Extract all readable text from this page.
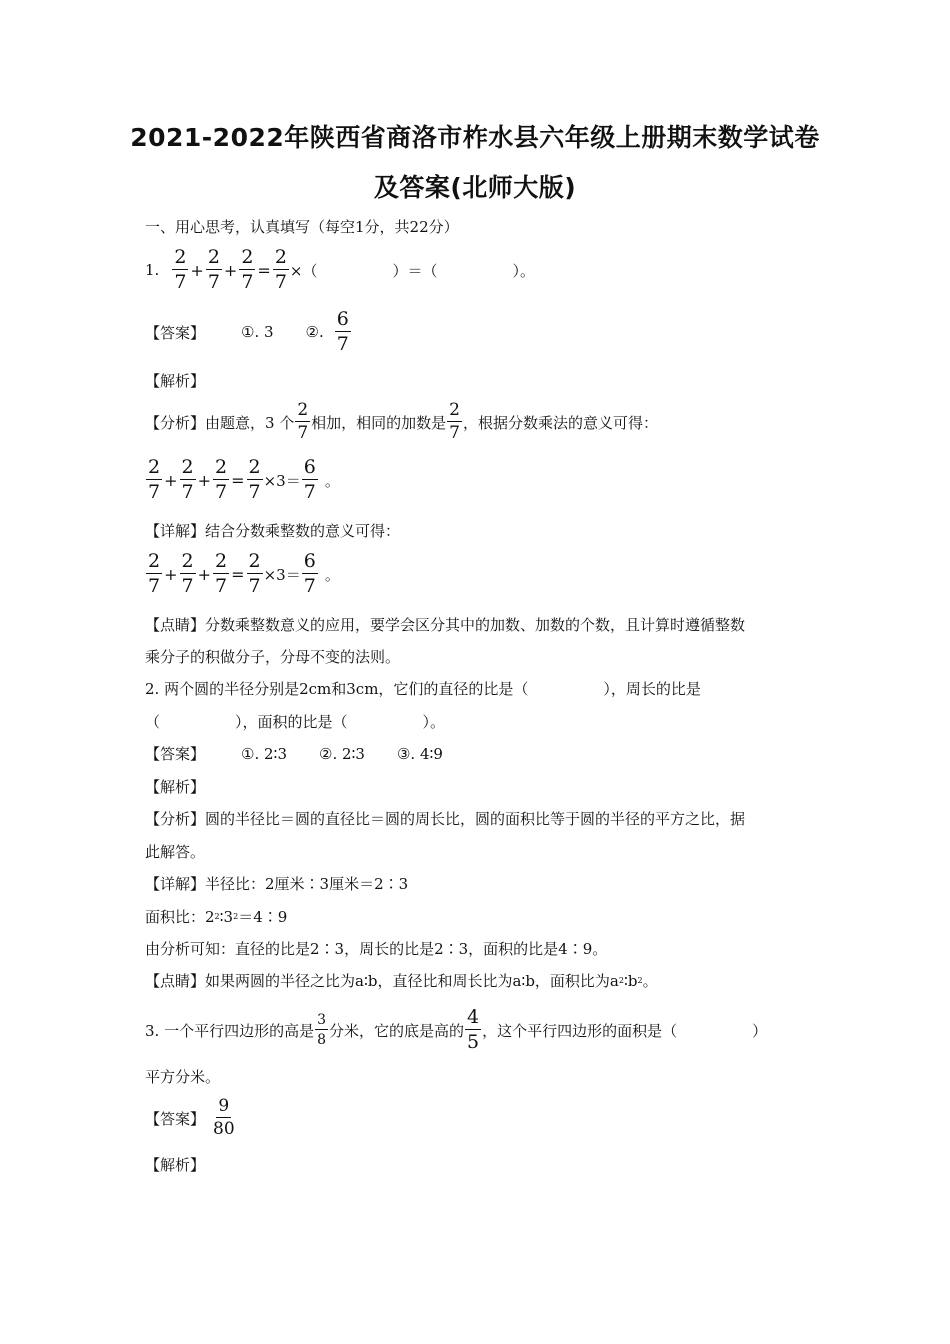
2021-2022年陕西省商洛市柞水县六年级上册期末数学试卷
及答案(北师大版)
一、用心思考，认真填写（每空1分，共22分）
1. $\frac{2}{7} + \frac{2}{7} + \frac{2}{7} = \frac{2}{7}$ ×（　　　　　）＝（　　　　　）。
【答案】 ①. 3 ②. $\frac{6}{7}$
【解析】
【分析】 由题意，3 个 $\frac{2}{7}$ 相加，相同的加数是 $\frac{2}{7}$ ，根据分数乘法的意义可得：
$\frac{2}{7} + \frac{2}{7} + \frac{2}{7} = \frac{2}{7} \times 3= \frac{6}{7}$ 。
【详解】 结合分数乘整数的意义可得：
$\frac{2}{7} + \frac{2}{7} + \frac{2}{7} = \frac{2}{7} \times 3= \frac{6}{7}$ 。
【点睛】 分数乘整数意义的应用，要学会区分其中的加数、加数的个数，且计算时遵循整数
乘分子的积做分子，分母不变的法则。
2. 两个圆的半径分别是2cm和3cm，它们的直径的比是（　　　　　），周长的比是
（　　　　　），面积的比是（　　　　　）。
【答案】 ①. 2∶3 ②. 2∶3 ③. 4∶9
【解析】
【分析】 圆的半径比＝圆的直径比＝圆的周长比，圆的面积比等于圆的半径的平方之比，据
此解答。
【详解】 半径比：2厘米∶3厘米＝2∶3
面积比：2 2 ∶3 2 ＝4∶9
由分析可知：直径的比是2∶3，周长的比是2∶3，面积的比是4∶9。
【点睛】 如果两圆的半径之比为a∶b，直径比和周长比为a∶b，面积比为a 2 ∶b 2 。
3. 一个平行四边形的高是 $\frac{3}{8}$ 分米，它的底是高的 $\frac{4}{5}$ ，这个平行四边形的面积是（　　　　　）
平方分米。
【答案】 $\frac{9}{80}$
【解析】
